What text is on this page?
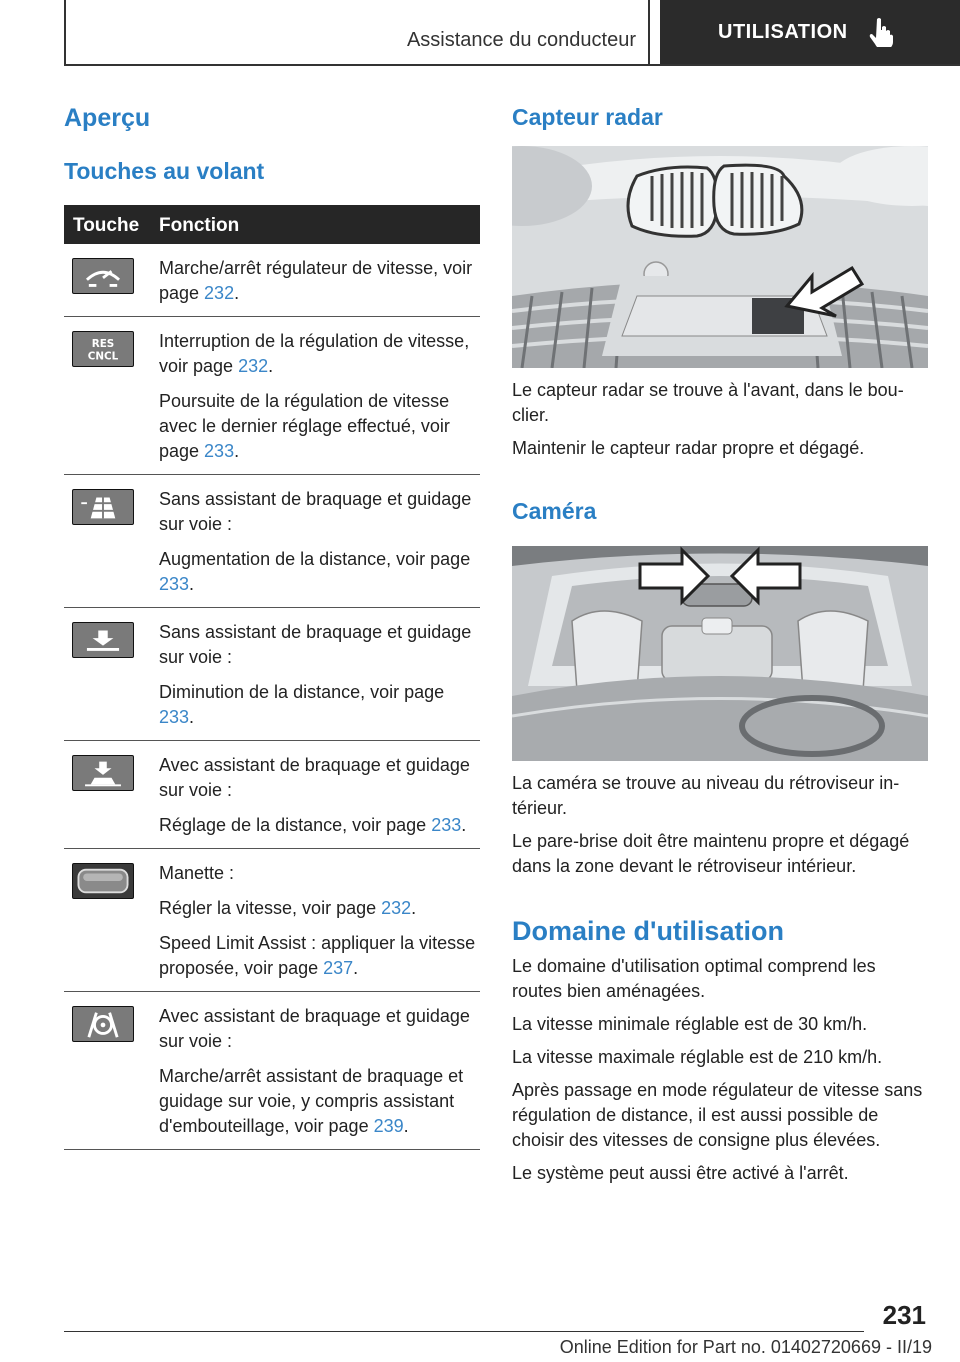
Assistance du conducteur	UTILISATION
Aperçu
Touches au volant
Touche Fonction

Marche/arrêt régulateur de vitesse, voir page 232.

RES
CNCL

Interruption de la régulation de vitesse, voir page 232.

Poursuite de la régulation de vitesse avec le dernier réglage effectué, voir page 233.

Sans assistant de braquage et guidage sur voie :

Augmentation de la distance, voir page 233.

Sans assistant de braquage et guidage sur voie :

Diminution de la distance, voir page 233.

Avec assistant de braquage et guidage sur voie :

Réglage de la distance, voir page 233.

Manette :

Régler la vitesse, voir page 232.

Speed Limit Assist : appliquer la vitesse proposée, voir page 237.

Avec assistant de braquage et guidage sur voie :

Marche/arrêt assistant de braquage et guidage sur voie, y compris assistant d'embouteillage, voir page 239.

Capteur radar

Le capteur radar se trouve à l'avant, dans le bouclier.

Maintenir le capteur radar propre et dégagé.

Caméra

La caméra se trouve au niveau du rétroviseur intérieur.

Le pare-brise doit être maintenu propre et dégagé dans la zone devant le rétroviseur intérieur.

Domaine d'utilisation

Le domaine d'utilisation optimal comprend les routes bien aménagées.

La vitesse minimale réglable est de 30 km/h.

La vitesse maximale réglable est de 210 km/h.

Après passage en mode régulateur de vitesse sans régulation de distance, il est aussi possible de choisir des vitesses de consigne plus élevées.

Le système peut aussi être activé à l'arrêt.

231
Online Edition for Part no. 01402720669 - II/19
